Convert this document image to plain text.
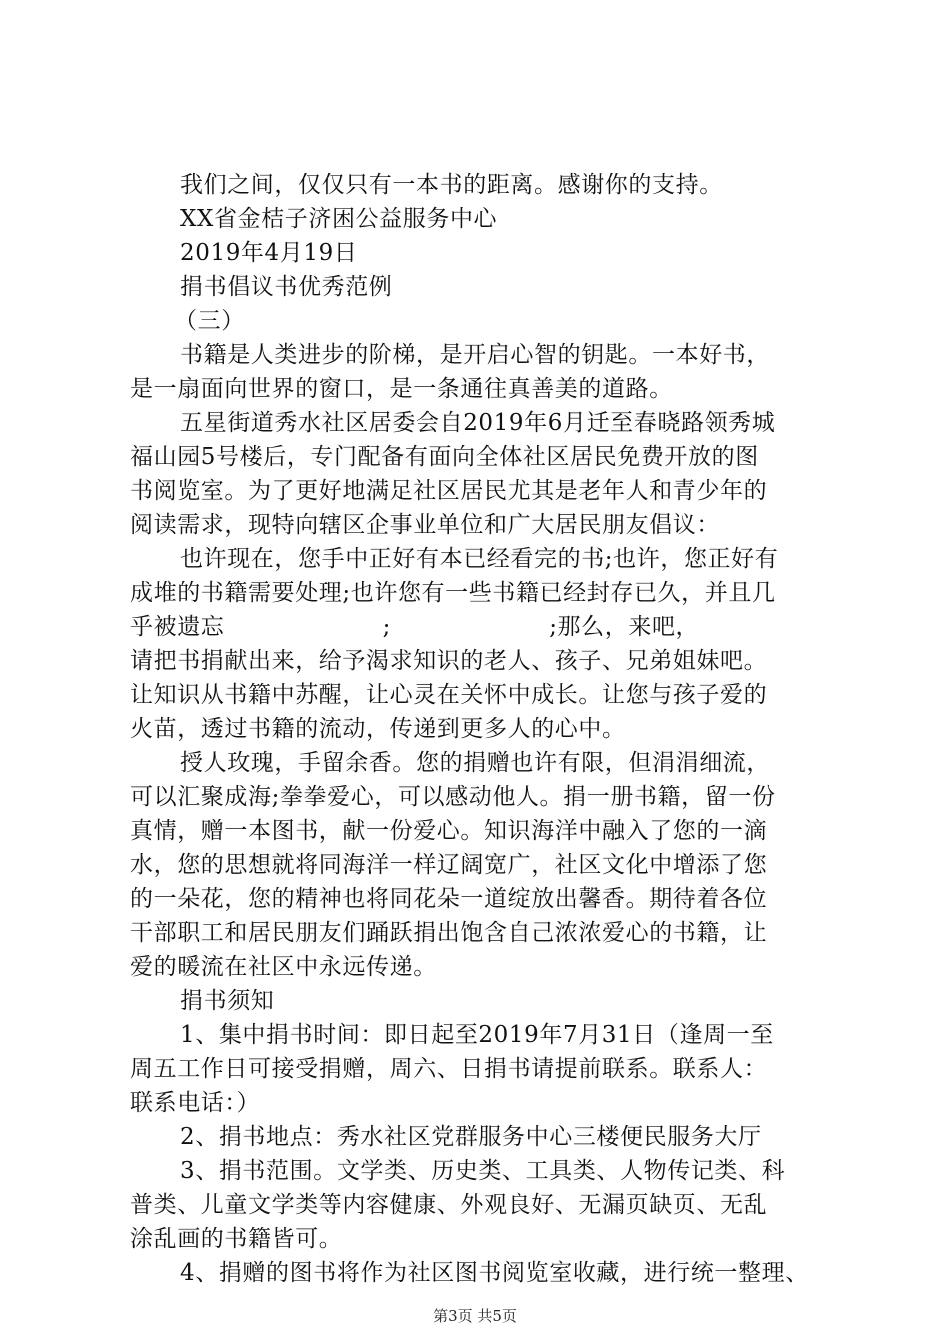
我们之间，仅仅只有一本书的距离。感谢你的支持。
XX省金桔子济困公益服务中心
2019年4月19日
捐书倡议书优秀范例
（三）
书籍是人类进步的阶梯，是开启心智的钥匙。一本好书，
是一扇面向世界的窗口，是一条通往真善美的道路。
五星街道秀水社区居委会自2019年6月迁至春晓路领秀城
福山园5号楼后，专门配备有面向全体社区居民免费开放的图
书阅览室。为了更好地满足社区居民尤其是老年人和青少年的
阅读需求，现特向辖区企事业单位和广大居民朋友倡议：
也许现在，您手中正好有本已经看完的书;也许，您正好有
成堆的书籍需要处理;也许您有一些书籍已经封存已久，并且几
乎被遗忘                    ;                    ;那么，来吧，
请把书捐献出来，给予渴求知识的老人、孩子、兄弟姐妹吧。
让知识从书籍中苏醒，让心灵在关怀中成长。让您与孩子爱的
火苗，透过书籍的流动，传递到更多人的心中。
授人玫瑰，手留余香。您的捐赠也许有限，但涓涓细流，
可以汇聚成海;拳拳爱心，可以感动他人。捐一册书籍，留一份
真情，赠一本图书，献一份爱心。知识海洋中融入了您的一滴
水，您的思想就将同海洋一样辽阔宽广，社区文化中增添了您
的一朵花，您的精神也将同花朵一道绽放出馨香。期待着各位
干部职工和居民朋友们踊跃捐出饱含自己浓浓爱心的书籍，让
爱的暖流在社区中永远传递。
捐书须知
1、集中捐书时间：即日起至2019年7月31日（逢周一至
周五工作日可接受捐赠，周六、日捐书请提前联系。联系人：
联系电话：）
2、捐书地点：秀水社区党群服务中心三楼便民服务大厅
3、捐书范围。文学类、历史类、工具类、人物传记类、科
普类、儿童文学类等内容健康、外观良好、无漏页缺页、无乱
涂乱画的书籍皆可。
4、捐赠的图书将作为社区图书阅览室收藏，进行统一整理、
第3页 共5页
